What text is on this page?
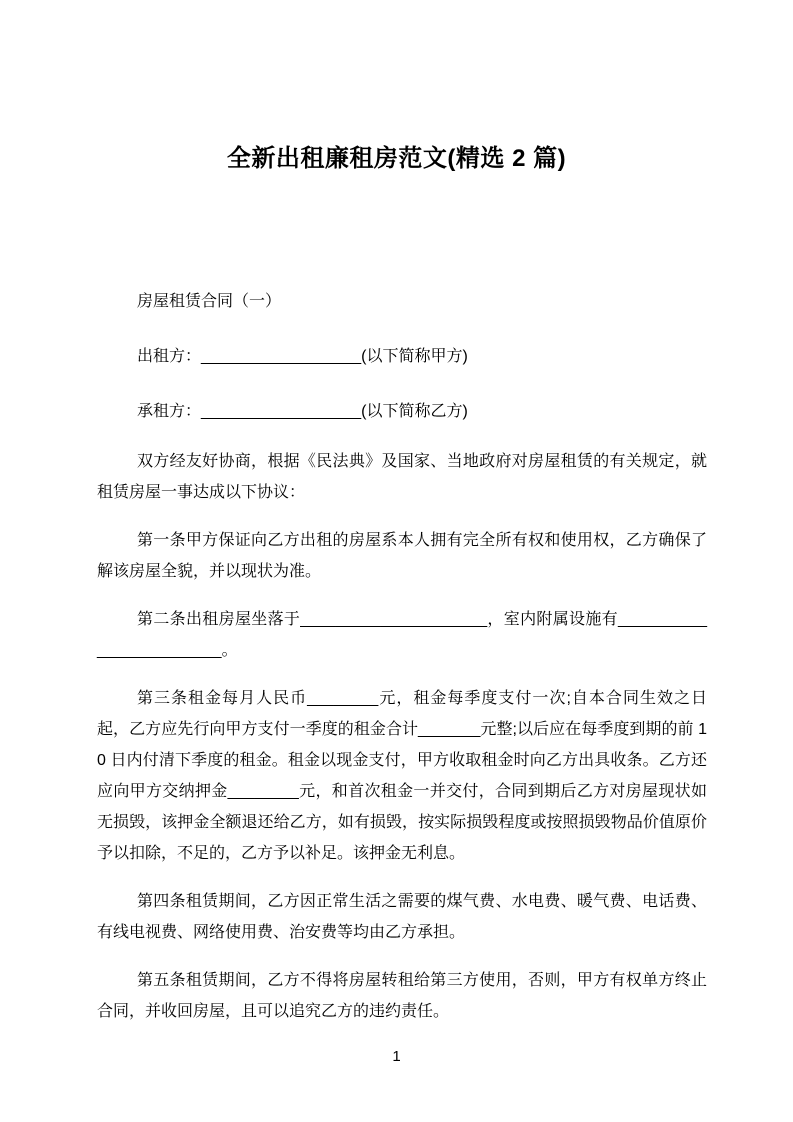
全新出租廉租房范文(精选 2 篇)

房屋租赁合同（一）

出租方：__________________(以下简称甲方)

承租方：__________________(以下简称乙方)

双方经友好协商，根据《民法典》及国家、当地政府对房屋租赁的有关规定，就租赁房屋一事达成以下协议：

第一条甲方保证向乙方出租的房屋系本人拥有完全所有权和使用权，乙方确保了解该房屋全貌，并以现状为准。

第二条出租房屋坐落于_____________________，室内附属设施有________________________。

第三条租金每月人民币________元，租金每季度支付一次;自本合同生效之日起，乙方应先行向甲方支付一季度的租金合计_______元整;以后应在每季度到期的前 10 日内付清下季度的租金。租金以现金支付，甲方收取租金时向乙方出具收条。乙方还应向甲方交纳押金________元，和首次租金一并交付，合同到期后乙方对房屋现状如无损毁，该押金全额退还给乙方，如有损毁，按实际损毁程度或按照损毁物品价值原价予以扣除，不足的，乙方予以补足。该押金无利息。

第四条租赁期间，乙方因正常生活之需要的煤气费、水电费、暖气费、电话费、有线电视费、网络使用费、治安费等均由乙方承担。

第五条租赁期间，乙方不得将房屋转租给第三方使用，否则，甲方有权单方终止合同，并收回房屋，且可以追究乙方的违约责任。

1
